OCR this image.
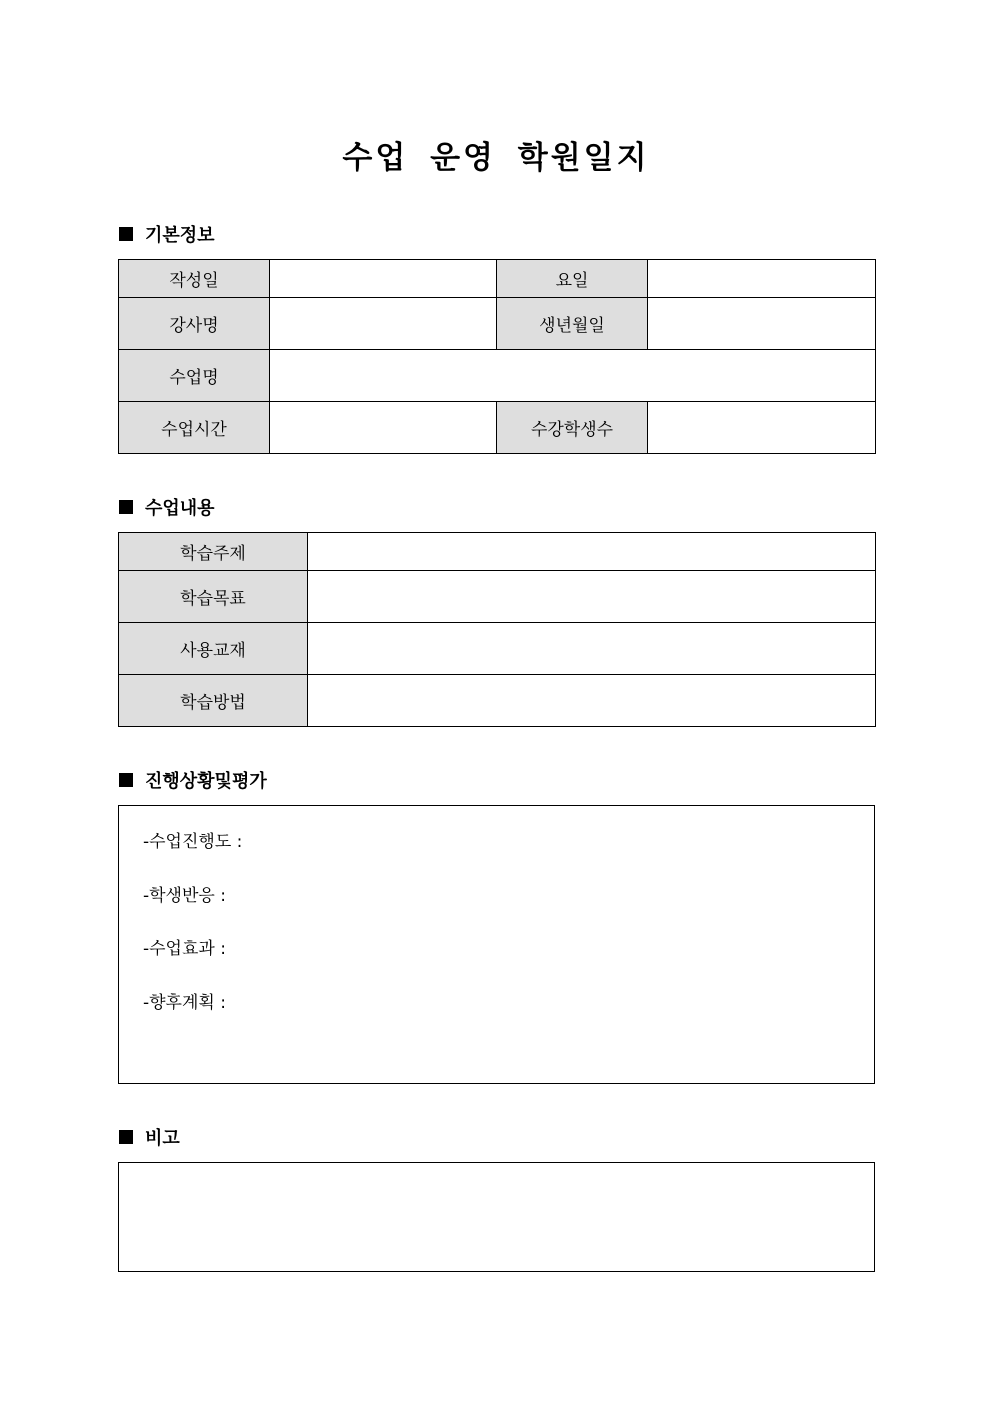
수업 운영 학원일지
기본정보
작성일		요일	
강사명		생년월일	
수업명			
수업시간		수강학생수	
수업내용
학습주제	
학습목표	
사용교재	
학습방법	
진행상황및평가
-수업진행도 :
-학생반응 :
-수업효과 :
-향후계획 :
비고
